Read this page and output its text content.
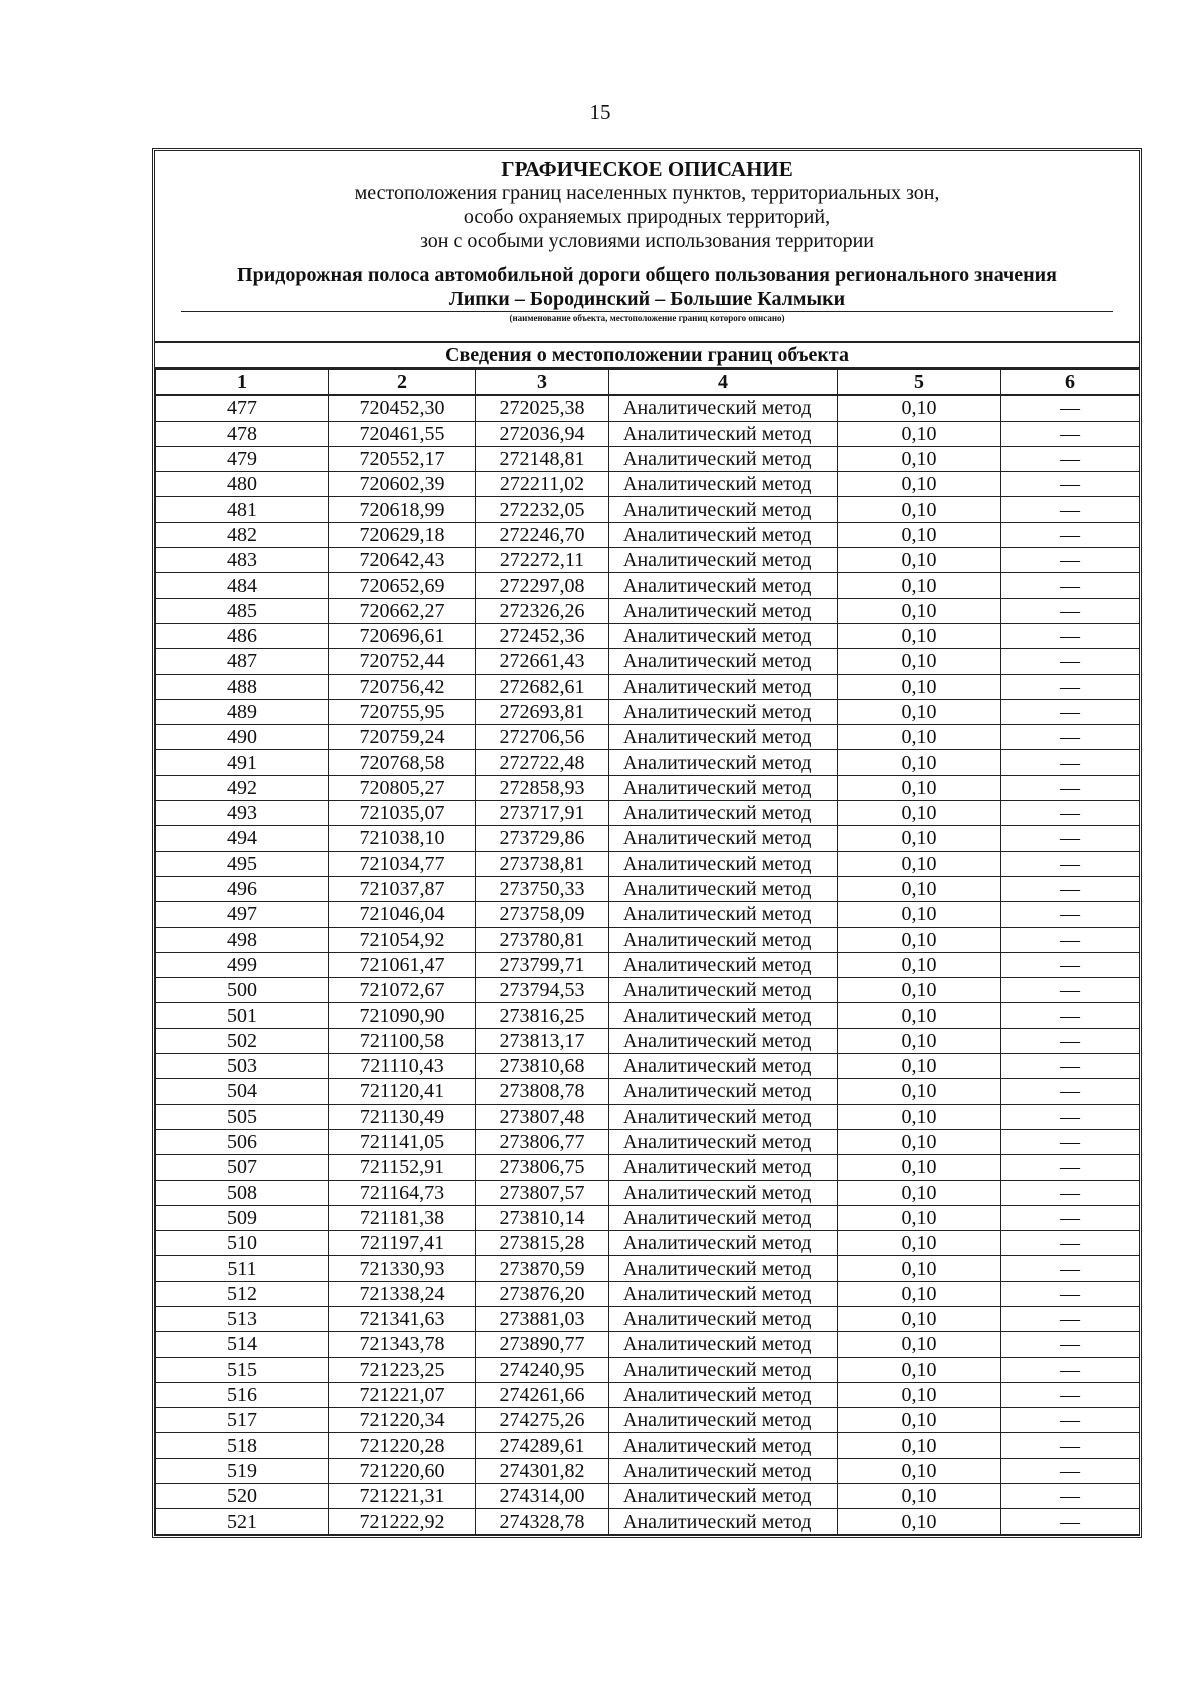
15
ГРАФИЧЕСКОЕ ОПИСАНИЕ
местоположения границ населенных пунктов, территориальных зон,
особо охраняемых природных территорий,
зон с особыми условиями использования территории
Придорожная полоса автомобильной дороги общего пользования регионального значения
Липки – Бородинский – Большие Калмыки
(наименование объекта, местоположение границ которого описано)
Сведения о местоположении границ объекта
1	2	3	4	5	6
477	720452,30	272025,38	Аналитический метод	0,10	—
478	720461,55	272036,94	Аналитический метод	0,10	—
479	720552,17	272148,81	Аналитический метод	0,10	—
480	720602,39	272211,02	Аналитический метод	0,10	—
481	720618,99	272232,05	Аналитический метод	0,10	—
482	720629,18	272246,70	Аналитический метод	0,10	—
483	720642,43	272272,11	Аналитический метод	0,10	—
484	720652,69	272297,08	Аналитический метод	0,10	—
485	720662,27	272326,26	Аналитический метод	0,10	—
486	720696,61	272452,36	Аналитический метод	0,10	—
487	720752,44	272661,43	Аналитический метод	0,10	—
488	720756,42	272682,61	Аналитический метод	0,10	—
489	720755,95	272693,81	Аналитический метод	0,10	—
490	720759,24	272706,56	Аналитический метод	0,10	—
491	720768,58	272722,48	Аналитический метод	0,10	—
492	720805,27	272858,93	Аналитический метод	0,10	—
493	721035,07	273717,91	Аналитический метод	0,10	—
494	721038,10	273729,86	Аналитический метод	0,10	—
495	721034,77	273738,81	Аналитический метод	0,10	—
496	721037,87	273750,33	Аналитический метод	0,10	—
497	721046,04	273758,09	Аналитический метод	0,10	—
498	721054,92	273780,81	Аналитический метод	0,10	—
499	721061,47	273799,71	Аналитический метод	0,10	—
500	721072,67	273794,53	Аналитический метод	0,10	—
501	721090,90	273816,25	Аналитический метод	0,10	—
502	721100,58	273813,17	Аналитический метод	0,10	—
503	721110,43	273810,68	Аналитический метод	0,10	—
504	721120,41	273808,78	Аналитический метод	0,10	—
505	721130,49	273807,48	Аналитический метод	0,10	—
506	721141,05	273806,77	Аналитический метод	0,10	—
507	721152,91	273806,75	Аналитический метод	0,10	—
508	721164,73	273807,57	Аналитический метод	0,10	—
509	721181,38	273810,14	Аналитический метод	0,10	—
510	721197,41	273815,28	Аналитический метод	0,10	—
511	721330,93	273870,59	Аналитический метод	0,10	—
512	721338,24	273876,20	Аналитический метод	0,10	—
513	721341,63	273881,03	Аналитический метод	0,10	—
514	721343,78	273890,77	Аналитический метод	0,10	—
515	721223,25	274240,95	Аналитический метод	0,10	—
516	721221,07	274261,66	Аналитический метод	0,10	—
517	721220,34	274275,26	Аналитический метод	0,10	—
518	721220,28	274289,61	Аналитический метод	0,10	—
519	721220,60	274301,82	Аналитический метод	0,10	—
520	721221,31	274314,00	Аналитический метод	0,10	—
521	721222,92	274328,78	Аналитический метод	0,10	—
